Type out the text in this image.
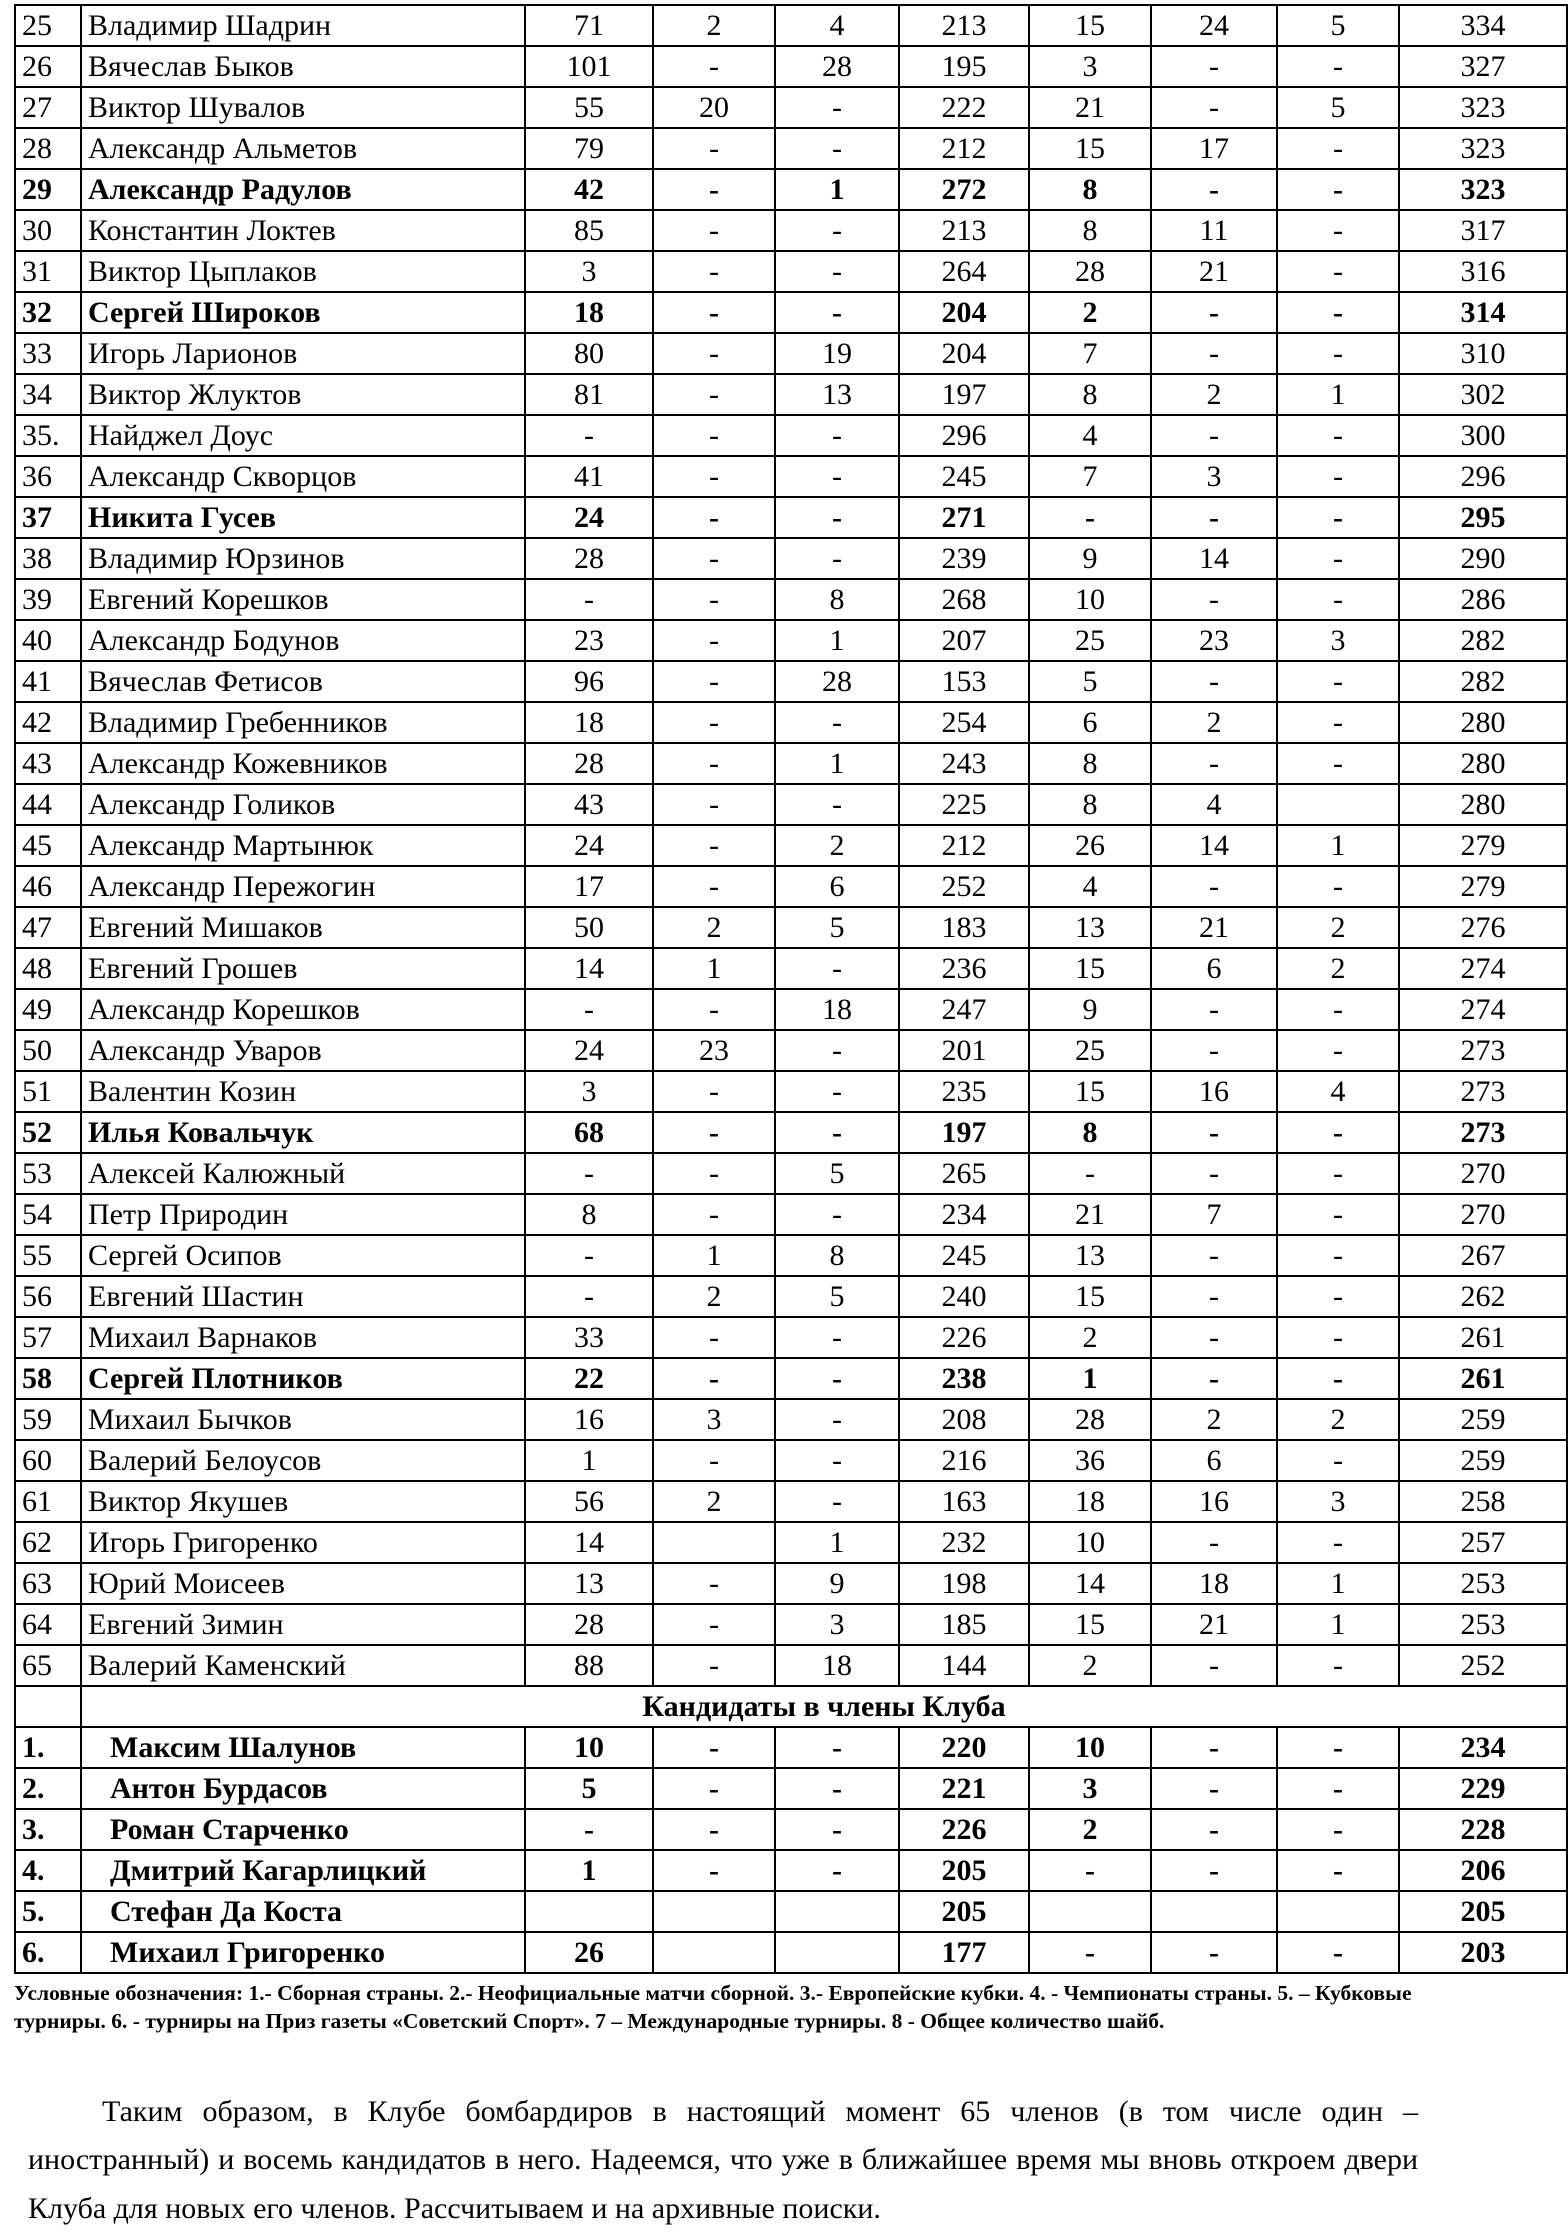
25	Владимир Шадрин	71	2	4	213	15	24	5	334
26	Вячеслав Быков	101	-	28	195	3	-	-	327
27	Виктор Шувалов	55	20	-	222	21	-	5	323
28	Александр Альметов	79	-	-	212	15	17	-	323
29	Александр Радулов	42	-	1	272	8	-	-	323
30	Константин Локтев	85	-	-	213	8	11	-	317
31	Виктор Цыплаков	3	-	-	264	28	21	-	316
32	Сергей Широков	18	-	-	204	2	-	-	314
33	Игорь Ларионов	80	-	19	204	7	-	-	310
34	Виктор Жлуктов	81	-	13	197	8	2	1	302
35.	Найджел Доус	-	-	-	296	4	-	-	300
36	Александр Скворцов	41	-	-	245	7	3	-	296
37	Никита Гусев	24	-	-	271	-	-	-	295
38	Владимир Юрзинов	28	-	-	239	9	14	-	290
39	Евгений Корешков	-	-	8	268	10	-	-	286
40	Александр Бодунов	23	-	1	207	25	23	3	282
41	Вячеслав Фетисов	96	-	28	153	5	-	-	282
42	Владимир Гребенников	18	-	-	254	6	2	-	280
43	Александр Кожевников	28	-	1	243	8	-	-	280
44	Александр Голиков	43	-	-	225	8	4		280
45	Александр Мартынюк	24	-	2	212	26	14	1	279
46	Александр Пережогин	17	-	6	252	4	-	-	279
47	Евгений Мишаков	50	2	5	183	13	21	2	276
48	Евгений Грошев	14	1	-	236	15	6	2	274
49	Александр Корешков	-	-	18	247	9	-	-	274
50	Александр Уваров	24	23	-	201	25	-	-	273
51	Валентин Козин	3	-	-	235	15	16	4	273
52	Илья Ковальчук	68	-	-	197	8	-	-	273
53	Алексей Калюжный	-	-	5	265	-	-	-	270
54	Петр Природин	8	-	-	234	21	7	-	270
55	Сергей Осипов	-	1	8	245	13	-	-	267
56	Евгений Шастин	-	2	5	240	15	-	-	262
57	Михаил Варнаков	33	-	-	226	2	-	-	261
58	Сергей Плотников	22	-	-	238	1	-	-	261
59	Михаил Бычков	16	3	-	208	28	2	2	259
60	Валерий Белоусов	1	-	-	216	36	6	-	259
61	Виктор Якушев	56	2	-	163	18	16	3	258
62	Игорь Григоренко	14		1	232	10	-	-	257
63	Юрий Моисеев	13	-	9	198	14	18	1	253
64	Евгений Зимин	28	-	3	185	15	21	1	253
65	Валерий Каменский	88	-	18	144	2	-	-	252
	Кандидаты в члены Клуба								
1.	Максим Шалунов	10	-	-	220	10	-	-	234
2.	Антон Бурдасов	5	-	-	221	3	-	-	229
3.	Роман Старченко	-	-	-	226	2	-	-	228
4.	Дмитрий Кагарлицкий	1	-	-	205	-	-	-	206
5.	Стефан Да Коста				205				205
6.	Михаил Григоренко	26			177	-	-	-	203
Условные обозначения: 1.- Сборная страны. 2.- Неофициальные матчи сборной. 3.- Европейские кубки. 4. - Чемпионаты страны. 5. – Кубковые турниры. 6. - турниры на Приз газеты «Советский Спорт». 7 – Международные турниры. 8 - Общее количество шайб.
Таким образом, в Клубе бомбардиров в настоящий момент 65 членов (в том числе один – иностранный) и восемь кандидатов в него. Надеемся, что уже в ближайшее время мы вновь откроем двери Клуба для новых его членов. Рассчитываем и на архивные поиски.
